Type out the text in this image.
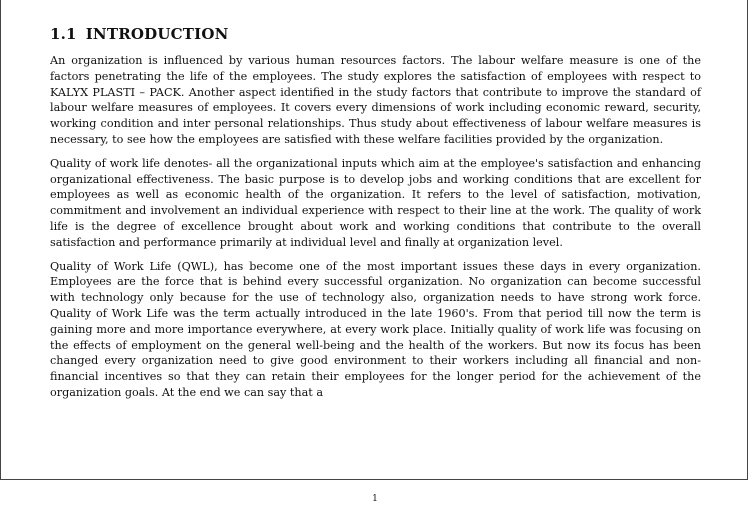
1.1 INTRODUCTION

An organization is influenced by various human resources factors. The labour welfare measure is one of the factors penetrating the life of the employees. The study explores the satisfaction of employees with respect to KALYX PLASTI – PACK. Another aspect identified in the study factors that contribute to improve the standard of labour welfare measures of employees. It covers every dimensions of work including economic reward, security, working condition and inter personal relationships. Thus study about effectiveness of labour welfare measures is necessary, to see how the employees are satisfied with these welfare facilities provided by the organization.

Quality of work life denotes- all the organizational inputs which aim at the employee's satisfaction and enhancing organizational effectiveness. The basic purpose is to develop jobs and working conditions that are excellent for employees as well as economic health of the organization. It refers to the level of satisfaction, motivation, commitment and involvement an individual experience with respect to their line at the work. The quality of work life is the degree of excellence brought about work and working conditions that contribute to the overall satisfaction and performance primarily at individual level and finally at organization level.

Quality of Work Life (QWL), has become one of the most important issues these days in every organization. Employees are the force that is behind every successful organization. No organization can become successful with technology only because for the use of technology also, organization needs to have strong work force. Quality of Work Life was the term actually introduced in the late 1960's. From that period till now the term is gaining more and more importance everywhere, at every work place. Initially quality of work life was focusing on the effects of employment on the general well-being and the health of the workers. But now its focus has been changed every organization need to give good environment to their workers including all financial and non- financial incentives so that they can retain their employees for the longer period for the achievement of the organization goals. At the end we can say that a

1
